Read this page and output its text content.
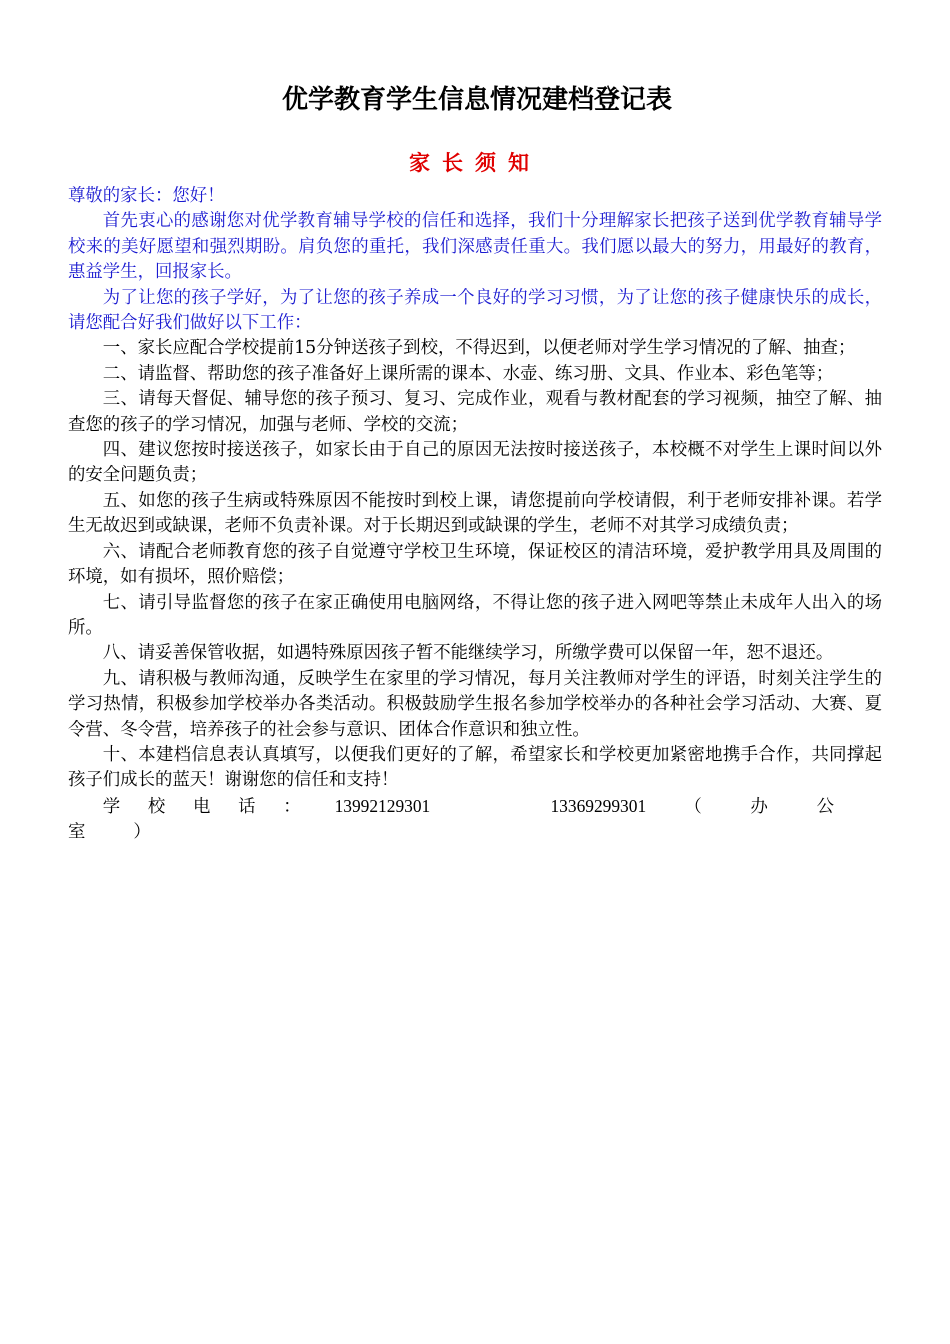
优学教育学生信息情况建档登记表
家长须知

尊敬的家长：您好！

首先衷心的感谢您对优学教育辅导学校的信任和选择，我们十分理解家长把孩子送到优学教育辅导学校来的美好愿望和强烈期盼。肩负您的重托，我们深感责任重大。我们愿以最大的努力，用最好的教育，惠益学生，回报家长。

为了让您的孩子学好，为了让您的孩子养成一个良好的学习习惯，为了让您的孩子健康快乐的成长，请您配合好我们做好以下工作：

一、家长应配合学校提前15分钟送孩子到校，不得迟到，以便老师对学生学习情况的了解、抽查；

二、请监督、帮助您的孩子准备好上课所需的课本、水壶、练习册、文具、作业本、彩色笔等；

三、请每天督促、辅导您的孩子预习、复习、完成作业，观看与教材配套的学习视频，抽空了解、抽查您的孩子的学习情况，加强与老师、学校的交流；

四、建议您按时接送孩子，如家长由于自己的原因无法按时接送孩子，本校概不对学生上课时间以外的安全问题负责；

五、如您的孩子生病或特殊原因不能按时到校上课，请您提前向学校请假，利于老师安排补课。若学生无故迟到或缺课，老师不负责补课。对于长期迟到或缺课的学生，老师不对其学习成绩负责；

六、请配合老师教育您的孩子自觉遵守学校卫生环境，保证校区的清洁环境，爱护教学用具及周围的环境，如有损坏，照价赔偿；

七、请引导监督您的孩子在家正确使用电脑网络，不得让您的孩子进入网吧等禁止未成年人出入的场所。

八、请妥善保管收据，如遇特殊原因孩子暂不能继续学习，所缴学费可以保留一年，恕不退还。

九、请积极与教师沟通，反映学生在家里的学习情况，每月关注教师对学生的评语，时刻关注学生的学习热情，积极参加学校举办各类活动。积极鼓励学生报名参加学校举办的各种社会学习活动、大赛、夏令营、冬令营，培养孩子的社会参与意识、团体合作意识和独立性。

十、本建档信息表认真填写，以便我们更好的了解，希望家长和学校更加紧密地携手合作，共同撑起孩子们成长的蓝天！谢谢您的信任和支持！

学校电话： 13992129301	13369299301 （办公室）
